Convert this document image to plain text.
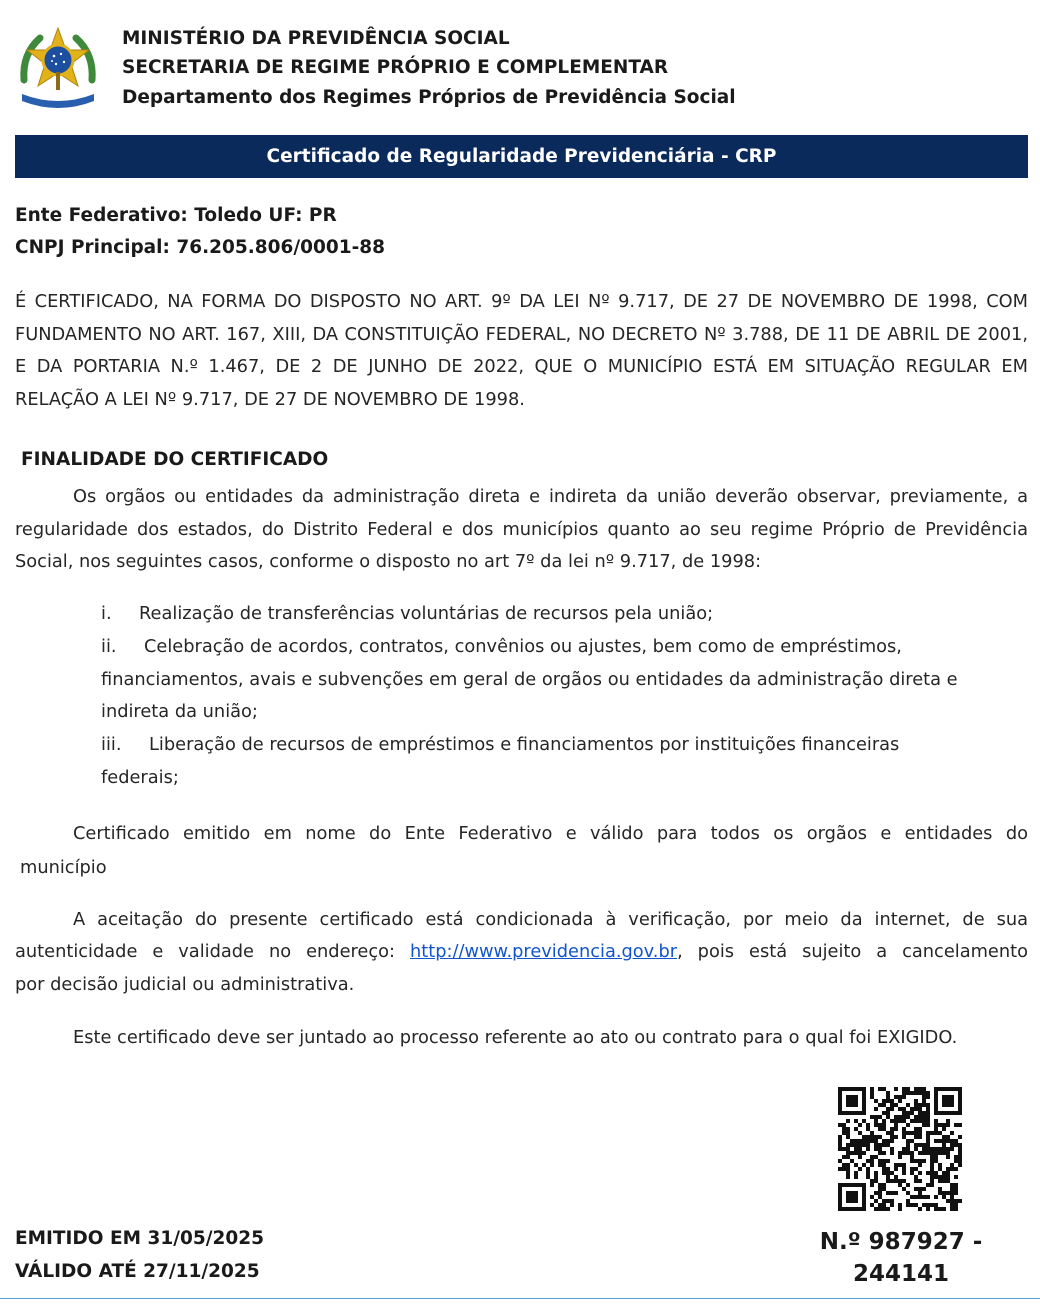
MINISTÉRIO DA PREVIDÊNCIA SOCIAL
SECRETARIA DE REGIME PRÓPRIO E COMPLEMENTAR
Departamento dos Regimes Próprios de Previdência Social
Certificado de Regularidade Previdenciária - CRP
Ente Federativo: Toledo UF: PR
CNPJ Principal: 76.205.806/0001-88
É CERTIFICADO, NA FORMA DO DISPOSTO NO ART. 9º DA LEI Nº 9.717, DE 27 DE NOVEMBRO DE 1998, COM FUNDAMENTO NO ART. 167, XIII, DA CONSTITUIÇÃO FEDERAL, NO DECRETO Nº 3.788, DE 11 DE ABRIL DE 2001, E DA PORTARIA N.º 1.467, DE 2 DE JUNHO DE 2022, QUE O MUNICÍPIO ESTÁ EM SITUAÇÃO REGULAR EM RELAÇÃO A LEI Nº 9.717, DE 27 DE NOVEMBRO DE 1998.
FINALIDADE DO CERTIFICADO
Os orgãos ou entidades da administração direta e indireta da união deverão observar, previamente, a regularidade dos estados, do Distrito Federal e dos municípios quanto ao seu regime Próprio de Previdência Social, nos seguintes casos, conforme o disposto no art 7º da lei nº 9.717, de 1998:
i. Realização de transferências voluntárias de recursos pela união;
ii. Celebração de acordos, contratos, convênios ou ajustes, bem como de empréstimos,
financiamentos, avais e subvenções em geral de orgãos ou entidades da administração direta e
indireta da união;
iii. Liberação de recursos de empréstimos e financiamentos por instituições financeiras
federais;
Certificado emitido em nome do Ente Federativo e válido para todos os orgãos e entidades do
município
A aceitação do presente certificado está condicionada à verificação, por meio da internet, de sua
autenticidade e validade no endereço: http://www.previdencia.gov.br, pois está sujeito a cancelamento
por decisão judicial ou administrativa.
Este certificado deve ser juntado ao processo referente ao ato ou contrato para o qual foi EXIGIDO.
EMITIDO EM 31/05/2025
VÁLIDO ATÉ 27/11/2025
N.º 987927 -
244141
